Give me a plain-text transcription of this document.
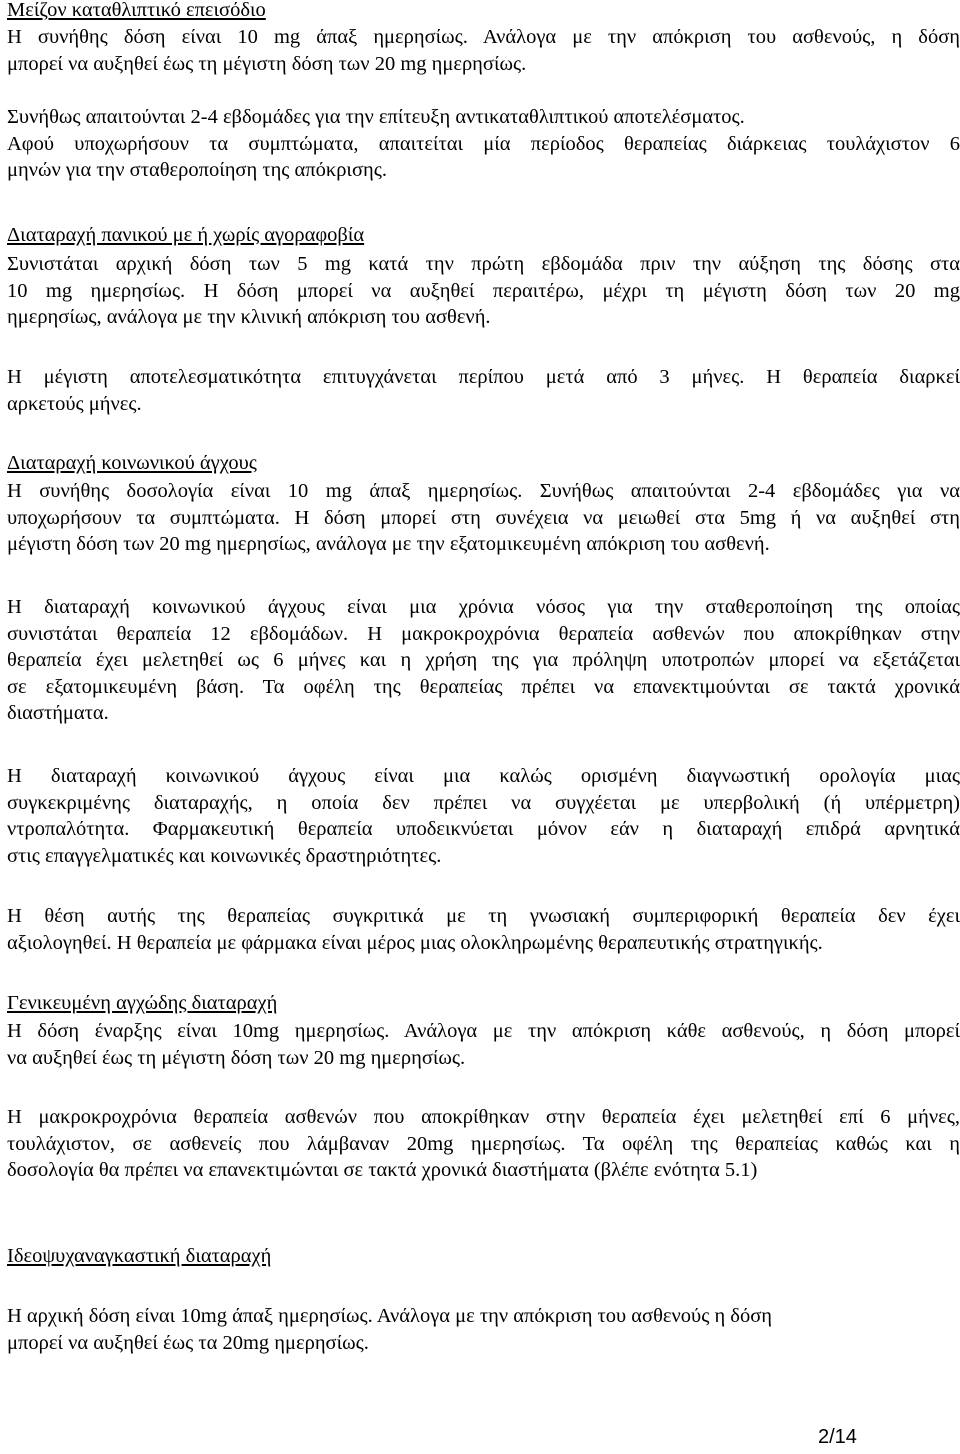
Μείζον καταθλιπτικό επεισόδιο
Η συνήθης δόση είναι 10 mg άπαξ ημερησίως. Ανάλογα με την απόκριση του ασθενούς, η δόση
μπορεί να αυξηθεί έως τη μέγιστη δόση των 20 mg ημερησίως.
Συνήθως απαιτούνται 2-4 εβδομάδες για την επίτευξη αντικαταθλιπτικού αποτελέσματος.
Αφού υποχωρήσουν τα συμπτώματα, απαιτείται μία περίοδος θεραπείας διάρκειας τουλάχιστον 6
μηνών για την σταθεροποίηση της απόκρισης.
Διαταραχή πανικού με ή χωρίς αγοραφοβία
Συνιστάται αρχική δόση των 5 mg κατά την πρώτη εβδομάδα πριν την αύξηση της δόσης στα
10 mg ημερησίως. Η δόση μπορεί να αυξηθεί περαιτέρω, μέχρι τη μέγιστη δόση των 20 mg
ημερησίως, ανάλογα με την κλινική απόκριση του ασθενή.
Η μέγιστη αποτελεσματικότητα επιτυγχάνεται περίπου μετά από 3 μήνες. Η θεραπεία διαρκεί
αρκετούς μήνες.
Διαταραχή κοινωνικού άγχους
Η συνήθης δοσολογία είναι 10 mg άπαξ ημερησίως. Συνήθως απαιτούνται 2-4 εβδομάδες για να
υποχωρήσουν τα συμπτώματα. Η δόση μπορεί στη συνέχεια να μειωθεί στα 5mg ή να αυξηθεί στη
μέγιστη δόση των 20 mg ημερησίως, ανάλογα με την εξατομικευμένη απόκριση του ασθενή.
Η διαταραχή κοινωνικού άγχους είναι μια χρόνια νόσος για την σταθεροποίηση της οποίας
συνιστάται θεραπεία 12 εβδομάδων. Η μακροκροχρόνια θεραπεία ασθενών που αποκρίθηκαν στην
θεραπεία έχει μελετηθεί ως 6 μήνες και η χρήση της για πρόληψη υποτροπών μπορεί να εξετάζεται
σε εξατομικευμένη βάση. Τα οφέλη της θεραπείας πρέπει να επανεκτιμούνται σε τακτά χρονικά
διαστήματα.
Η διαταραχή κοινωνικού άγχους είναι μια καλώς ορισμένη διαγνωστική ορολογία μιας
συγκεκριμένης διαταραχής, η οποία δεν πρέπει να συγχέεται με υπερβολική (ή υπέρμετρη)
ντροπαλότητα. Φαρμακευτική θεραπεία υποδεικνύεται μόνον εάν η διαταραχή επιδρά αρνητικά
στις επαγγελματικές και κοινωνικές δραστηριότητες.
Η θέση αυτής της θεραπείας συγκριτικά με τη γνωσιακή συμπεριφορική θεραπεία δεν έχει
αξιολογηθεί. Η θεραπεία με φάρμακα είναι μέρος μιας ολοκληρωμένης θεραπευτικής στρατηγικής.
Γενικευμένη αγχώδης διαταραχή
Η δόση έναρξης είναι 10mg ημερησίως. Ανάλογα με την απόκριση κάθε ασθενούς, η δόση μπορεί
να αυξηθεί έως τη μέγιστη δόση των 20 mg ημερησίως.
Η μακροκροχρόνια θεραπεία ασθενών που αποκρίθηκαν στην θεραπεία έχει μελετηθεί επί 6 μήνες,
τουλάχιστον, σε ασθενείς που λάμβαναν 20mg ημερησίως. Τα οφέλη της θεραπείας καθώς και η
δοσολογία θα πρέπει να επανεκτιμώνται σε τακτά χρονικά διαστήματα (βλέπε ενότητα 5.1)
Ιδεοψυχαναγκαστική διαταραχή
Η αρχική δόση είναι 10mg άπαξ ημερησίως. Ανάλογα με την απόκριση του ασθενούς η δόση
μπορεί να αυξηθεί έως τα 20mg ημερησίως.
2/14
